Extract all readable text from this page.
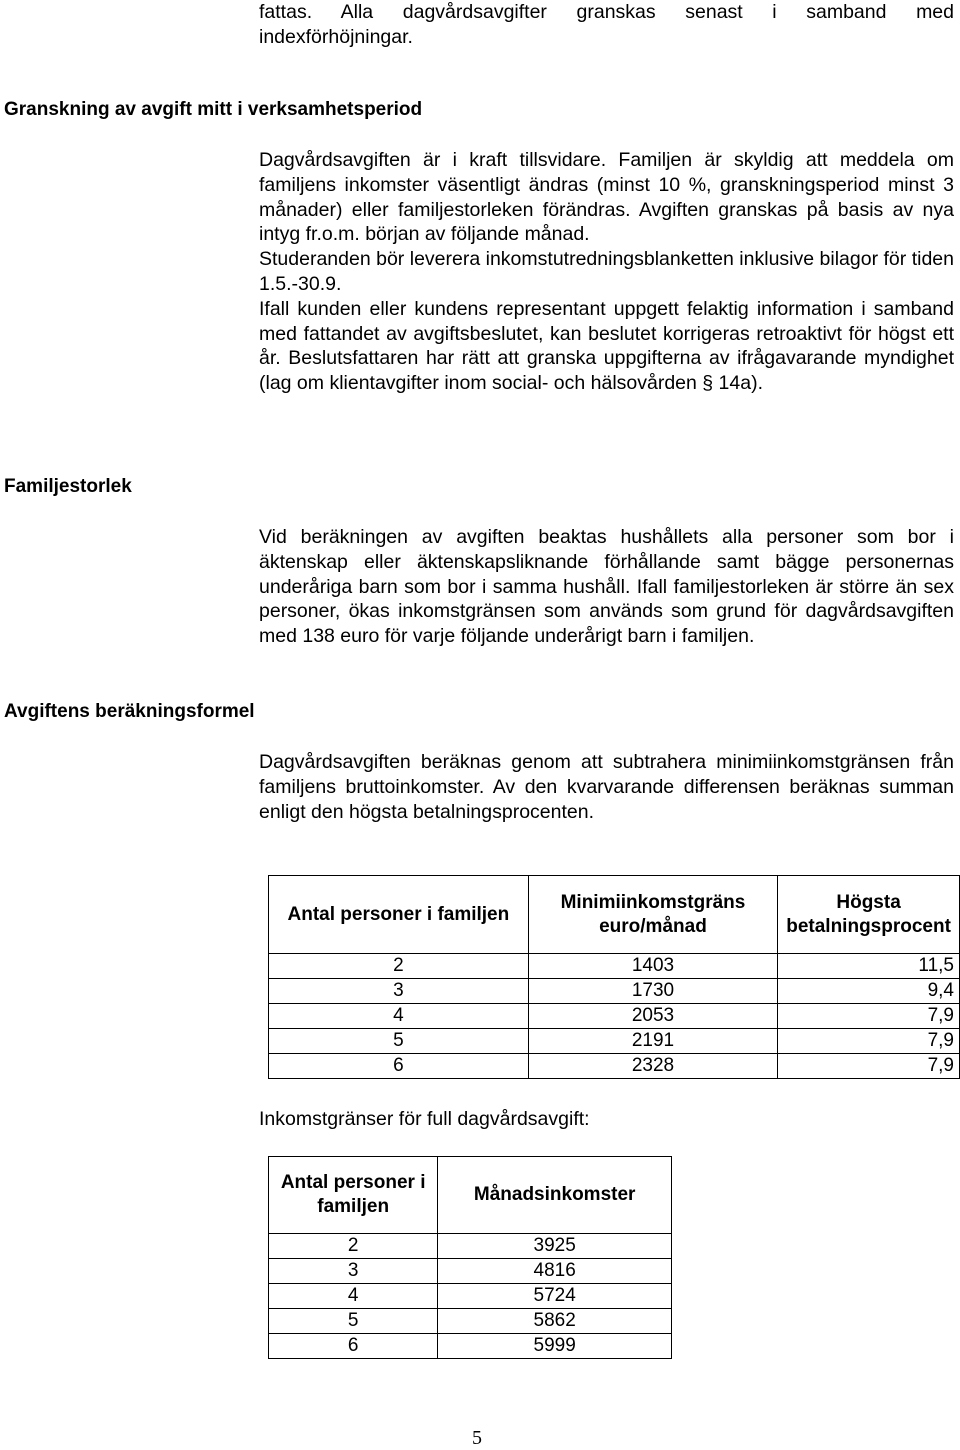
fattas. Alla dagvårdsavgifter granskas senast i samband med

indexförhöjningar.

Granskning av avgift mitt i verksamhetsperiod

Dagvårdsavgiften är i kraft tillsvidare. Familjen är skyldig att meddela om familjens inkomster väsentligt ändras (minst 10 %, granskningsperiod minst 3 månader) eller familjestorleken förändras. Avgiften granskas på basis av nya intyg fr.o.m. början av följande månad.

Studeranden bör leverera inkomstutredningsblanketten inklusive bilagor för tiden 1.5.-30.9.

Ifall kunden eller kundens representant uppgett felaktig information i samband med fattandet av avgiftsbeslutet, kan beslutet korrigeras retroaktivt för högst ett år. Beslutsfattaren har rätt att granska uppgifterna av ifrågavarande myndighet (lag om klientavgifter inom social- och hälsovården § 14a).

Familjestorlek

Vid beräkningen av avgiften beaktas hushållets alla personer som bor i äktenskap eller äktenskapsliknande förhållande samt bägge personernas underåriga barn som bor i samma hushåll. Ifall familjestorleken är större än sex personer, ökas inkomstgränsen som används som grund för dagvårdsavgiften med 138 euro för varje följande underårigt barn i familjen.

Avgiftens beräkningsformel

Dagvårdsavgiften beräknas genom att subtrahera minimiinkomstgränsen från familjens bruttoinkomster. Av den kvarvarande differensen beräknas summan enligt den högsta betalningsprocenten.

Antal personer i familjen	Minimiinkomstgräns euro/månad	Högsta betalningsprocent
2	1403	11,5
3	1730	9,4
4	2053	7,9
5	2191	7,9
6	2328	7,9
Inkomstgränser för full dagvårdsavgift:
Antal personer i familjen	Månadsinkomster
2	3925
3	4816
4	5724
5	5862
6	5999
5
